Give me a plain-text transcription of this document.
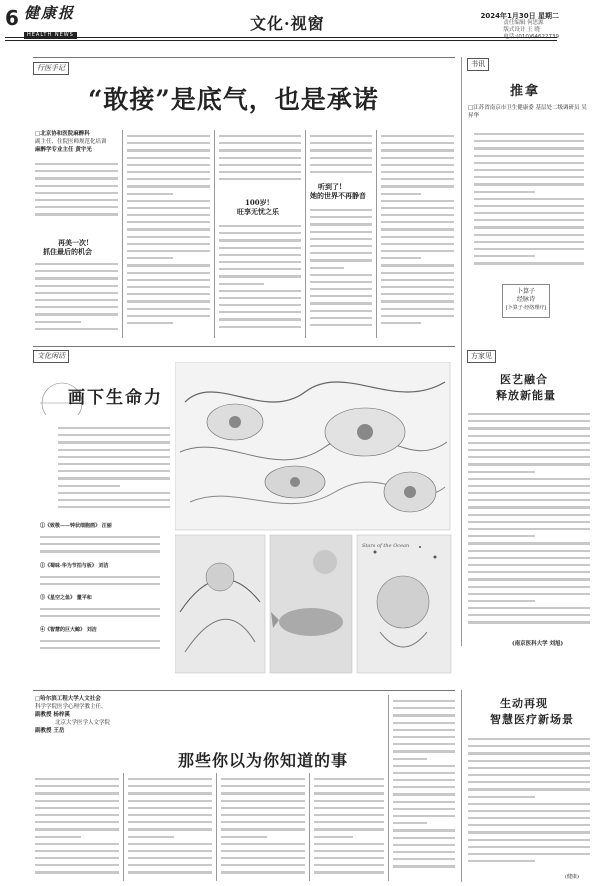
6 健康报
HEALTH NEWS
文化·视窗	2024年1月30日 星期二
责任编辑 何思源
版式设计 王 晓
电话:(010)64622739
行医手记
“敢接”是底气，也是承诺
□北京协和医院麻醉科
副主任、住院医师规范化培训
麻醉学专业主任 黄宇光
再美一次!
抓住最后的机会
100岁!
旺享无忧之乐
听到了!
她的世界不再静音
书讯
推拿
□江苏省南京市卫生健康委 基层处二级调研员 吴昇华
卜算子
经脉诗
[卜算子·经络理疗]
文化闲话
画下生命力
①《致敬——钟状细胞画》 汪丽
②《蜀味·华为节拍与板》 刘洁
③《星空之鱼》 董平和
④《智慧的巨大鲸》 刘洁
Stars of the Ocean
方家见
医艺融合
释放新能量
(南京医科大学 刘旭)
□哈尔滨工程大学人文社会
科学学院医学心理学教主任、
副教授 杨梓溪
北京大学医学人文学院
副教授 王岳
那些你以为你知道的事
生动再现
智慧医疗新场景
(健康)
